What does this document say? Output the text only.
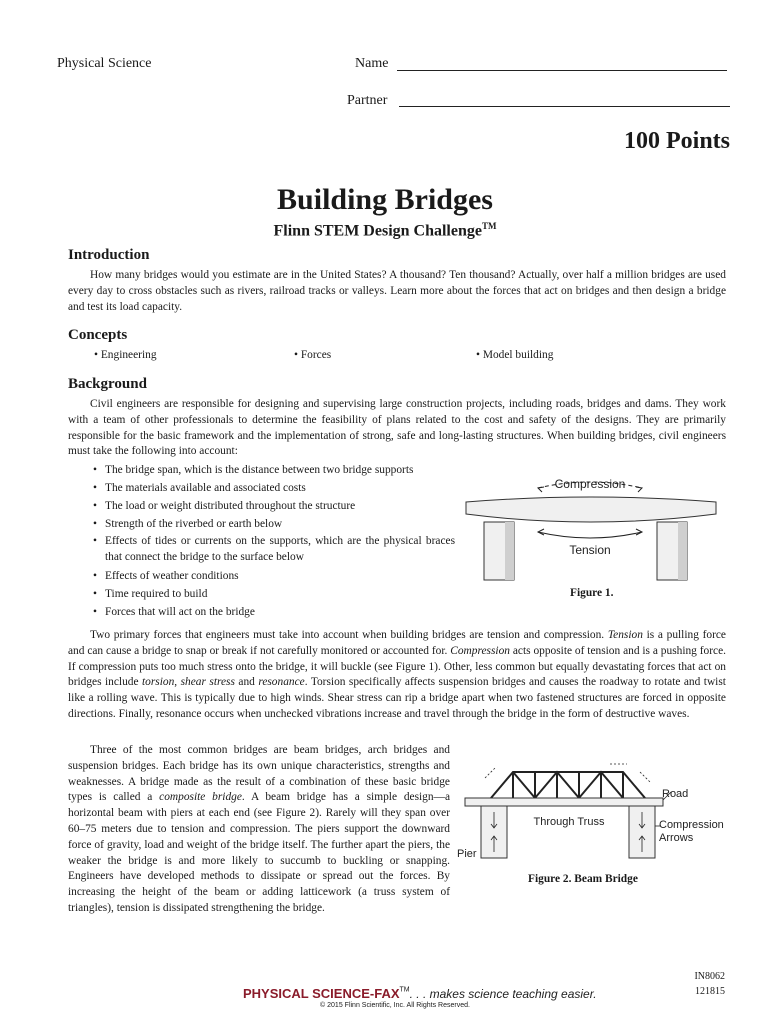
Physical Science	Name
Partner
100 Points
Building Bridges
Flinn STEM Design Challenge™
Introduction

How many bridges would you estimate are in the United States? A thousand? Ten thousand? Actually, over half a million bridges are used every day to cross obstacles such as rivers, railroad tracks or valleys. Learn more about the forces that act on bridges and then design a bridge and test its load capacity.

Concepts
• Engineering	• Forces	• Model building
Background

Civil engineers are responsible for designing and supervising large construction projects, including roads, bridges and dams. They work with a team of other professionals to determine the feasibility of plans related to the cost and safety of the designs. They are primarily responsible for the basic framework and the implementation of strong, safe and long-lasting structures. When building bridges, civil engineers must take the following into account:

• The bridge span, which is the distance between two bridge supports
• The materials available and associated costs
• The load or weight distributed throughout the structure
• Strength of the riverbed or earth below
• Effects of tides or currents on the supports, which are the physical braces that connect the bridge to the surface below
• Effects of weather conditions
• Time required to build
• Forces that will act on the bridge
Compression
Tension
Figure 1.

Two primary forces that engineers must take into account when building bridges are tension and compression. Tension is a pulling force and can cause a bridge to snap or break if not carefully monitored or accounted for. Compression acts opposite of tension and is a pushing force. If compression puts too much stress onto the bridge, it will buckle (see Figure 1). Other, less common but equally devastating forces that act on bridges include torsion, shear stress and resonance. Torsion specifically affects suspension bridges and causes the roadway to rotate and twist like a rolling wave. This is typically due to high winds. Shear stress can rip a bridge apart when two fastened structures are forced in opposite directions. Finally, resonance occurs when unchecked vibrations increase and travel through the bridge in the form of destructive waves.

Three of the most common bridges are beam bridges, arch bridges and suspension bridges. Each bridge has its own unique characteristics, strengths and weaknesses. A bridge made as the result of a combination of these basic bridge types is called a composite bridge. A beam bridge has a simple design—a horizontal beam with piers at each end (see Figure 2). Rarely will they span over 60–75 meters due to tension and compression. The piers support the downward force of gravity, load and weight of the bridge itself. The further apart the piers, the weaker the bridge is and more likely to succumb to buckling or snapping. Engineers have developed methods to dissipate or spread out the forces. By increasing the height of the beam or adding latticework (a truss system of triangles), tension is dissipated strengthening the bridge.

Road
Through Truss	Compression
Arrows
Pier
Figure 2. Beam Bridge
PHYSICAL SCIENCE-FAX™. . . makes science teaching easier.
© 2015 Flinn Scientific, Inc. All Rights Reserved.
IN8062
121815
